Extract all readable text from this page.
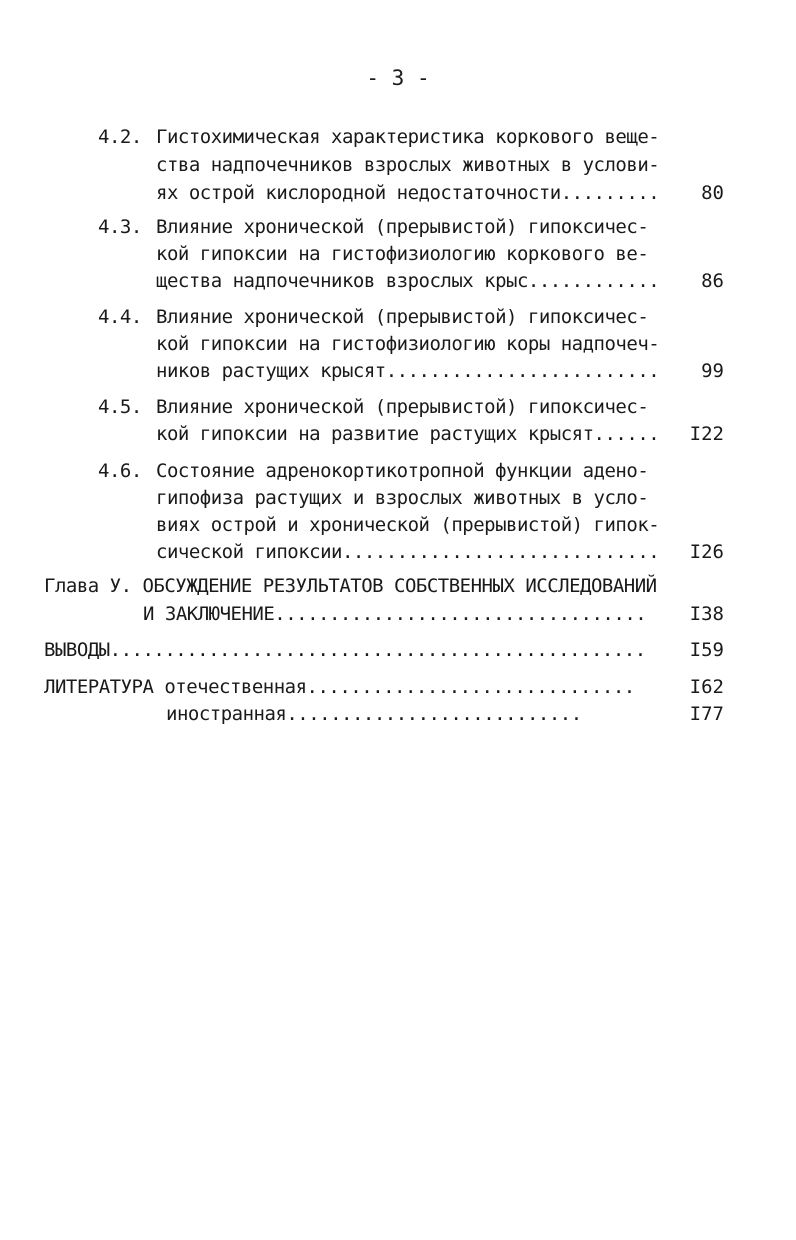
- 3 -
4.2. Гистохимическая характеристика коркового веще-
ства надпочечников взрослых животных в услови-
ях острой кислородной недостаточности......... 80
4.3. Влияние хронической (прерывистой) гипоксичес-
кой гипоксии на гистофизиологию коркового ве-
щества надпочечников взрослых крыс............ 86
4.4. Влияние хронической (прерывистой) гипоксичес-
кой гипоксии на гистофизиологию коры надпочеч-
ников растущих крысят......................... 99
4.5. Влияние хронической (прерывистой) гипоксичес-
кой гипоксии на развитие растущих крысят...... I22
4.6. Состояние адренокортикотропной функции адено-
гипофиза растущих и взрослых животных в усло-
виях острой и хронической (прерывистой) гипок-
сической гипоксии............................. I26
Глава У. ОБСУЖДЕНИЕ РЕЗУЛЬТАТОВ СОБСТВЕННЫХ ИССЛЕДОВАНИЙ
И ЗАКЛЮЧЕНИЕ.................................. I38
ВЫВОДЫ................................................. I59
ЛИТЕРАТУРА отечественная..............................	I62
иностранная...........................	I77
